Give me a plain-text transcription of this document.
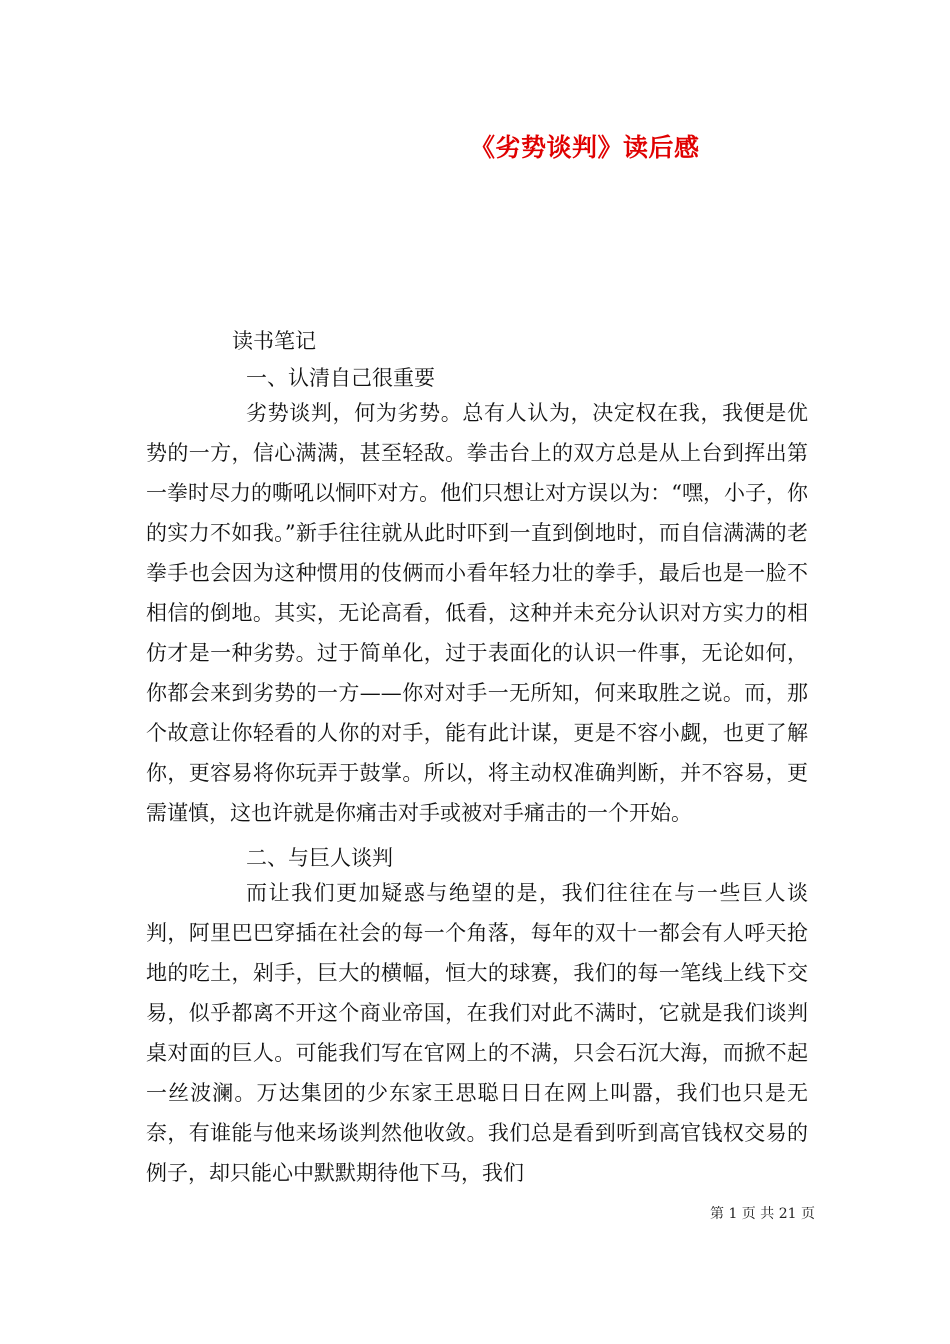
《劣势谈判》读后感
读书笔记
一、认清自己很重要

劣势谈判，何为劣势。总有人认为，决定权在我，我便是优势的一方，信心满满，甚至轻敌。拳击台上的双方总是从上台到挥出第一拳时尽力的嘶吼以恫吓对方。他们只想让对方误以为：“嘿，小子，你的实力不如我。”新手往往就从此时吓到一直到倒地时，而自信满满的老拳手也会因为这种惯用的伎俩而小看年轻力壮的拳手，最后也是一脸不相信的倒地。其实，无论高看，低看，这种并未充分认识对方实力的相仿才是一种劣势。过于简单化，过于表面化的认识一件事，无论如何，你都会来到劣势的一方——你对对手一无所知，何来取胜之说。而，那个故意让你轻看的人你的对手，能有此计谋，更是不容小觑，也更了解你，更容易将你玩弄于鼓掌。所以，将主动权准确判断，并不容易，更需谨慎，这也许就是你痛击对手或被对手痛击的一个开始。

二、与巨人谈判

而让我们更加疑惑与绝望的是，我们往往在与一些巨人谈判，阿里巴巴穿插在社会的每一个角落，每年的双十一都会有人呼天抢地的吃土，剁手，巨大的横幅，恒大的球赛，我们的每一笔线上线下交易，似乎都离不开这个商业帝国，在我们对此不满时，它就是我们谈判桌对面的巨人。可能我们写在官网上的不满，只会石沉大海，而掀不起一丝波澜。万达集团的少东家王思聪日日在网上叫嚣，我们也只是无奈，有谁能与他来场谈判然他收敛。我们总是看到听到高官钱权交易的例子，却只能心中默默期待他下马，我们

第 1 页 共 21 页
